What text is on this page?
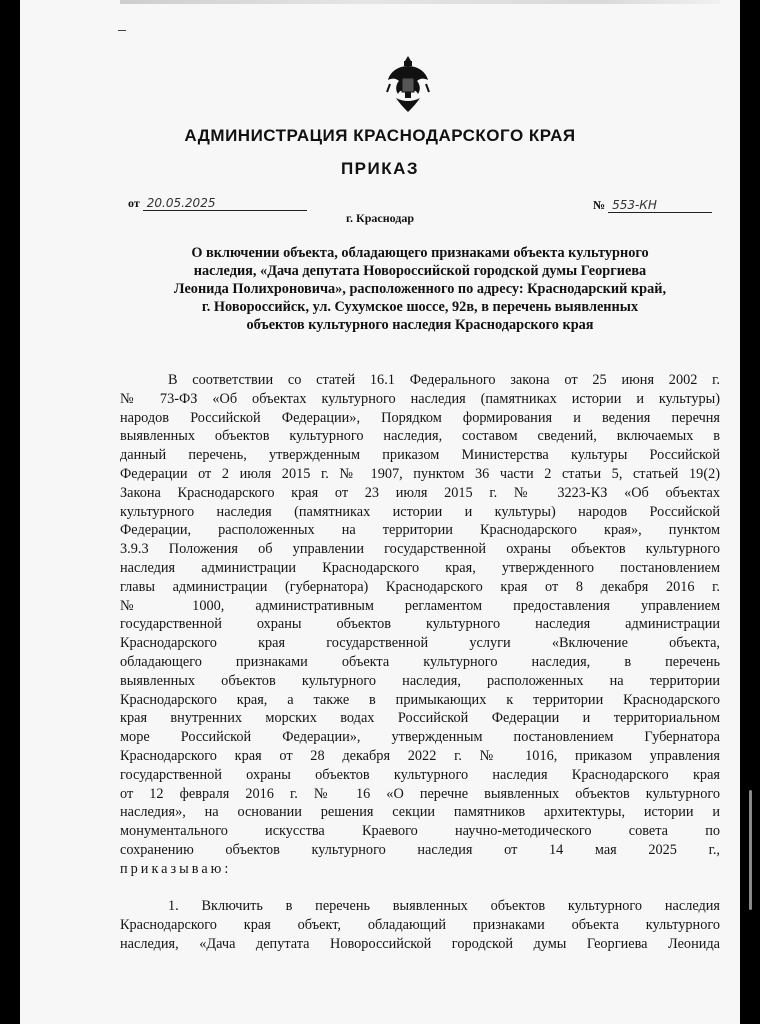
АДМИНИСТРАЦИЯ КРАСНОДАРСКОГО КРАЯ
ПРИКАЗ
от 20.05.2025	№ 553-КН
г. Краснодар
О включении объекта, обладающего признаками объекта культурного
наследия, «Дача депутата Новороссийской городской думы Георгиева
Леонида Полихроновича», расположенного по адресу: Краснодарский край,
г. Новороссийск, ул. Сухумское шоссе, 92в, в перечень выявленных
объектов культурного наследия Краснодарского края
В соответствии со статей 16.1 Федерального закона от 25 июня 2002 г.
№ 73-ФЗ «Об объектах культурного наследия (памятниках истории и культуры)
народов Российской Федерации», Порядком формирования и ведения перечня
выявленных объектов культурного наследия, составом сведений, включаемых в
данный перечень, утвержденным приказом Министерства культуры Российской
Федерации от 2 июля 2015 г. № 1907, пунктом 36 части 2 статьи 5, статьей 19(2)
Закона Краснодарского края от 23 июля 2015 г. № 3223-КЗ «Об объектах
культурного наследия (памятниках истории и культуры) народов Российской
Федерации, расположенных на территории Краснодарского края», пунктом
3.9.3 Положения об управлении государственной охраны объектов культурного
наследия администрации Краснодарского края, утвержденного постановлением
главы администрации (губернатора) Краснодарского края от 8 декабря 2016 г.
№ 1000, административным регламентом предоставления управлением
государственной охраны объектов культурного наследия администрации
Краснодарского края государственной услуги «Включение объекта,
обладающего признаками объекта культурного наследия, в перечень
выявленных объектов культурного наследия, расположенных на территории
Краснодарского края, а также в примыкающих к территории Краснодарского
края внутренних морских водах Российской Федерации и территориальном
море Российской Федерации», утвержденным постановлением Губернатора
Краснодарского края от 28 декабря 2022 г. № 1016, приказом управления
государственной охраны объектов культурного наследия Краснодарского края
от 12 февраля 2016 г. № 16 «О перечне выявленных объектов культурного
наследия», на основании решения секции памятников архитектуры, истории и
монументального искусства Краевого научно-методического совета по
сохранению объектов культурного наследия от 14 мая 2025 г.,
приказываю:
1. Включить в перечень выявленных объектов культурного наследия
Краснодарского края объект, обладающий признаками объекта культурного
наследия, «Дача депутата Новороссийской городской думы Георгиева Леонида
